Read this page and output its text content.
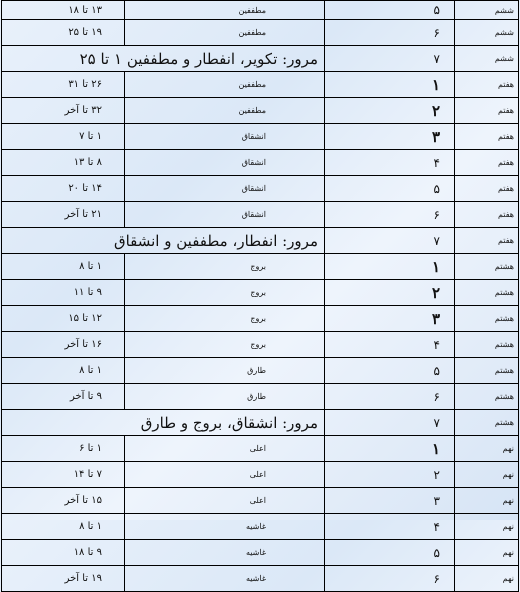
ششم	۵	مطففین	۱۳ تا ۱۸
ششم	۶	مطففین	۱۹ تا ۲۵
ششم	۷	مرور: تکویر، انفطار و مطففین ۱ تا ۲۵	
هفتم	۱	مطففین	۲۶ تا ۳۱
هفتم	۲	مطففین	۳۲ تا آخر
هفتم	۳	انشقاق	۱ تا ۷
هفتم	۴	انشقاق	۸ تا ۱۳
هفتم	۵	انشقاق	۱۴ تا ۲۰
هفتم	۶	انشقاق	۲۱ تا آخر
هفتم	۷	مرور: انفطار، مطففین و انشقاق	
هشتم	۱	بروج	۱ تا ۸
هشتم	۲	بروج	۹ تا ۱۱
هشتم	۳	بروج	۱۲ تا ۱۵
هشتم	۴	بروج	۱۶ تا آخر
هشتم	۵	طارق	۱ تا ۸
هشتم	۶	طارق	۹ تا آخر
هشتم	۷	مرور: انشقاق، بروج و طارق	
نهم	۱	اعلی	۱ تا ۶
نهم	۲	اعلی	۷ تا ۱۴
نهم	۳	اعلی	۱۵ تا آخر
نهم	۴	غاشیه	۱ تا ۸
نهم	۵	غاشیه	۹ تا ۱۸
نهم	۶	غاشیه	۱۹ تا آخر
